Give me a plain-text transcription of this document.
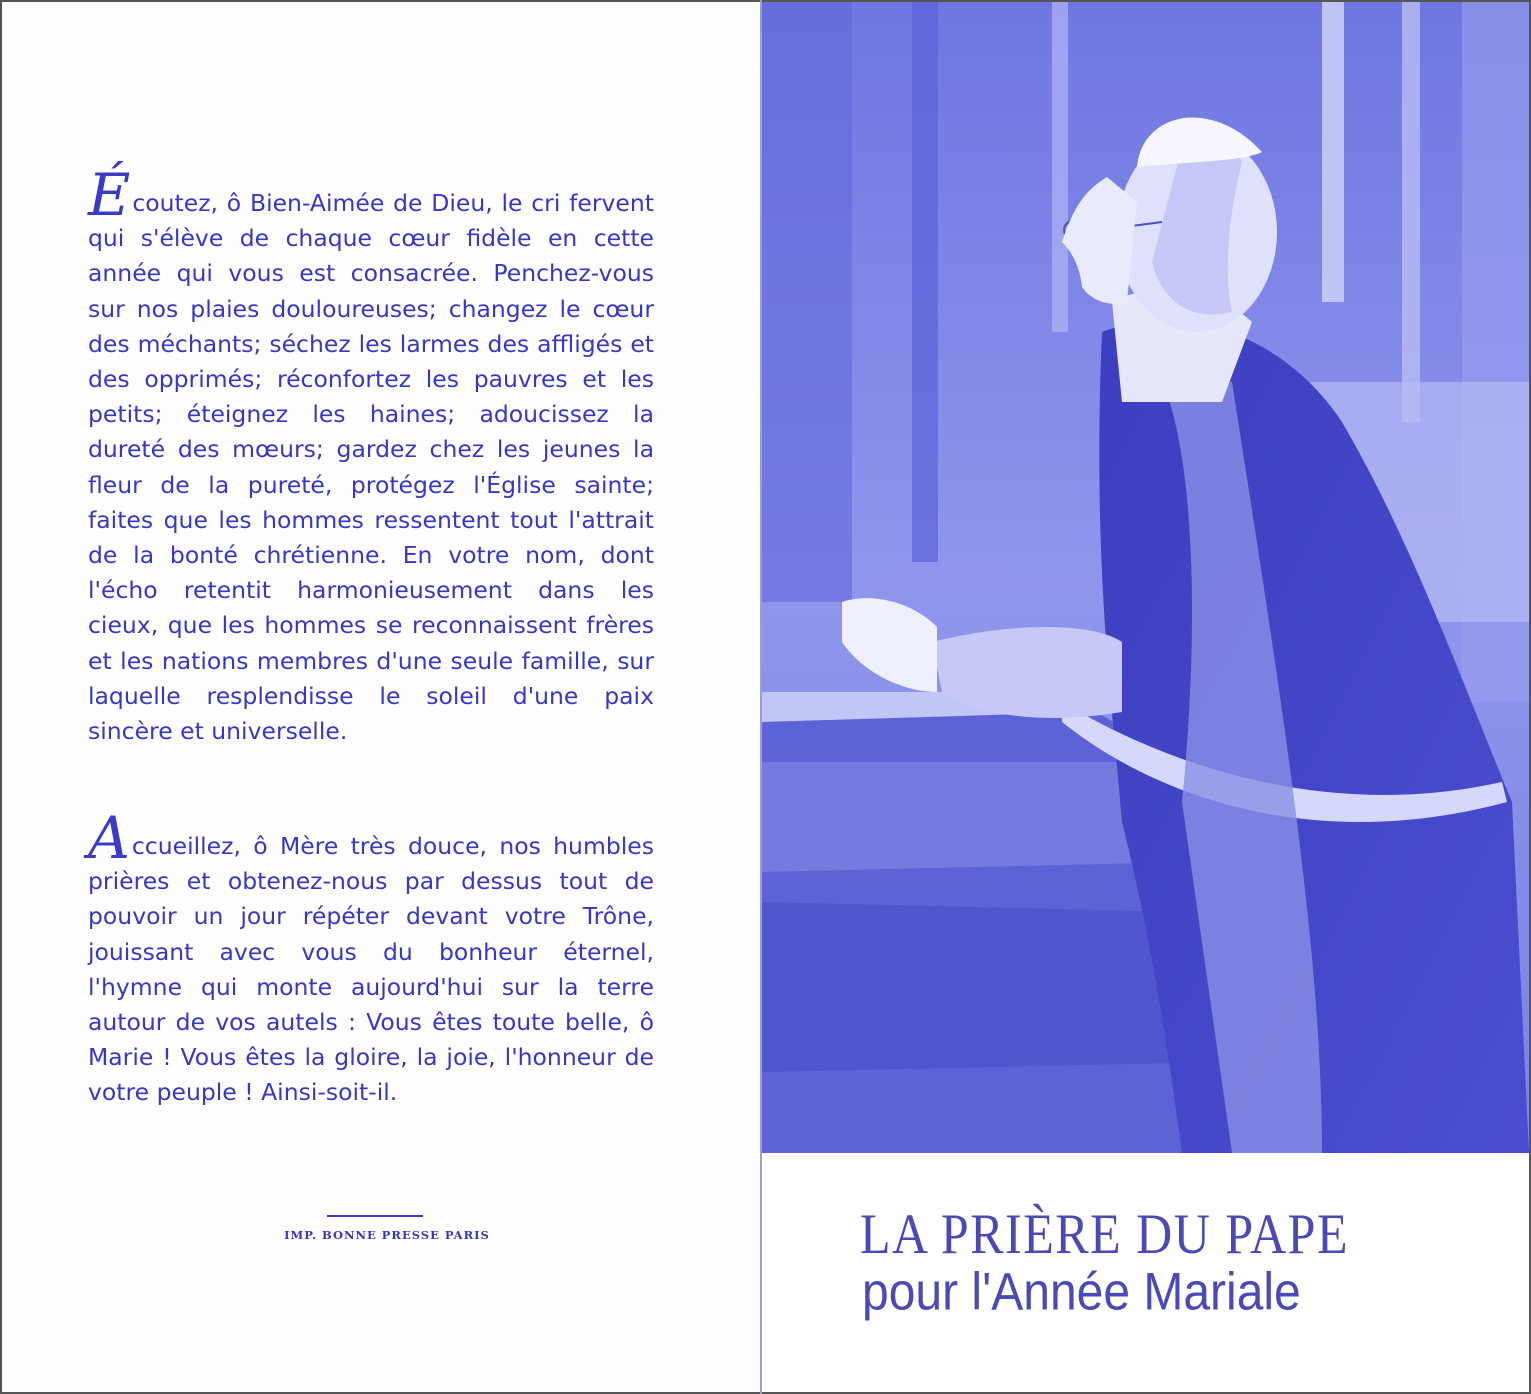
Écoutez, ô Bien-Aimée de Dieu, le cri fervent qui s'élève de chaque cœur fidèle en cette année qui vous est consacrée. Penchez-vous sur nos plaies douloureuses; changez le cœur des méchants; séchez les larmes des affligés et des opprimés; réconfortez les pauvres et les petits; éteignez les haines; adoucissez la dureté des mœurs; gardez chez les jeunes la fleur de la pureté, protégez l'Église sainte; faites que les hommes ressentent tout l'attrait de la bonté chrétienne. En votre nom, dont l'écho retentit harmonieusement dans les cieux, que les hommes se reconnaissent frères et les nations membres d'une seule famille, sur laquelle resplendisse le soleil d'une paix sincère et universelle.

Accueillez, ô Mère très douce, nos humbles prières et obtenez-nous par dessus tout de pouvoir un jour répéter devant votre Trône, jouissant avec vous du bonheur éternel, l'hymne qui monte aujourd'hui sur la terre autour de vos autels : Vous êtes toute belle, ô Marie ! Vous êtes la gloire, la joie, l'honneur de votre peuple ! Ainsi-soit-il.

IMP. BONNE PRESSE PARIS	LA PRIÈRE DU PAPE
pour l'Année Mariale
